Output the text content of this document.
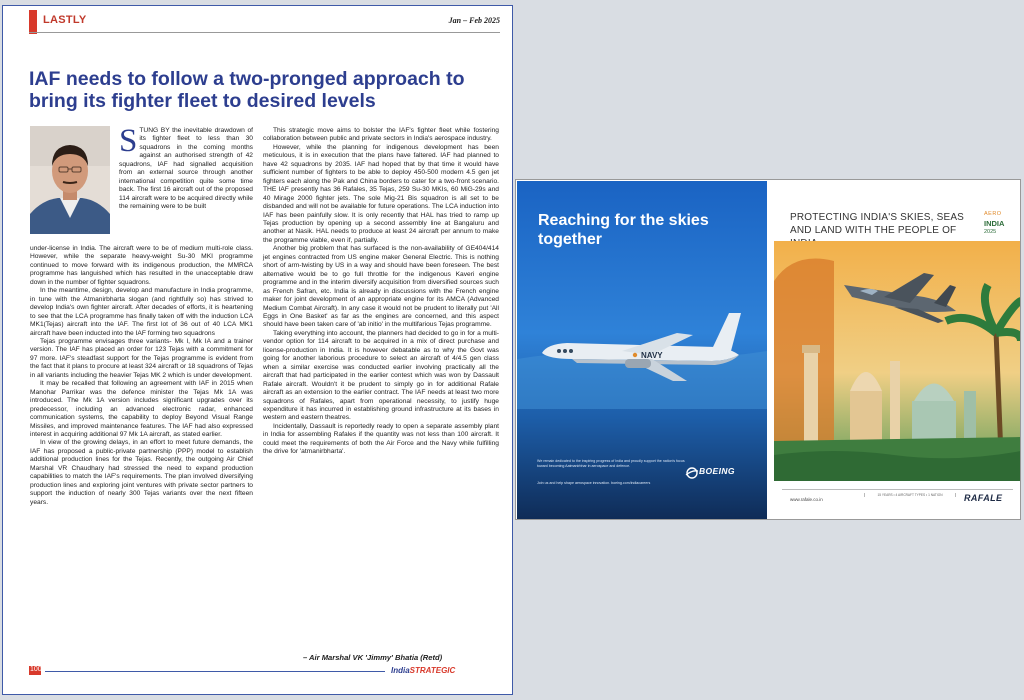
LASTLY	Jan – Feb 2025
IAF needs to follow a two-pronged approach to bring its fighter fleet to desired levels

STUNG BY the inevitable drawdown of its fighter fleet to less than 30 squadrons in the coming months against an authorised strength of 42 squadrons, IAF had signalled acquisition from an external source through another international competition quite some time back. The first 16 aircraft out of the proposed 114 aircraft were to be acquired directly while the remaining were to be built

under-license in India. The aircraft were to be of medium multi-role class. However, while the separate heavy-weight Su-30 MKI programme continued to move forward with its indigenous production, the MMRCA programme has languished which has resulted in the unacceptable draw down in the number of fighter squadrons.

In the meantime, design, develop and manufacture in India programme, in tune with the Atmanirbharta slogan (and rightfully so) has strived to develop India's own fighter aircraft. After decades of efforts, it is heartening to see that the LCA programme has finally taken off with the induction LCA MK1(Tejas) aircraft into the IAF. The first lot of 36 out of 40 LCA MK1 aircraft have been inducted into the IAF forming two squadrons

Tejas programme envisages three variants- Mk I, Mk IA and a trainer version. The IAF has placed an order for 123 Tejas with a commitment for 97 more. IAF's steadfast support for the Tejas programme is evident from the fact that it plans to procure at least 324 aircraft or 18 squadrons of Tejas in all variants including the heavier Tejas MK 2 which is under development.

It may be recalled that following an agreement with IAF in 2015 when Manohar Parrikar was the defence minister the Tejas Mk 1A was introduced. The Mk 1A version includes significant upgrades over its predecessor, including an advanced electronic radar, enhanced communication systems, the capability to deploy Beyond Visual Range Missiles, and improved maintenance features. The IAF had also expressed interest in acquiring additional 97 Mk 1A aircraft, as stated earlier.

In view of the growing delays, in an effort to meet future demands, the IAF has proposed a public-private partnership (PPP) model to establish additional production lines for the Tejas. Recently, the outgoing Air Chief Marshal VR Chaudhary had stressed the need to expand production capabilities to match the IAF's requirements. The plan involved diversifying production lines and exploring joint ventures with private sector partners to support the induction of nearly 300 Tejas variants over the next fifteen years.

This strategic move aims to bolster the IAF's fighter fleet while fostering collaboration between public and private sectors in India's aerospace industry.

However, while the planning for indigenous development has been meticulous, it is in execution that the plans have faltered. IAF had planned to have 42 squadrons by 2035. IAF had hoped that by that time it would have sufficient number of fighters to be able to deploy 450-500 modern 4.5 gen jet fighters each along the Pak and China borders to cater for a two-front scenario. THE IAF presently has 36 Rafales, 35 Tejas, 259 Su-30 MKIs, 60 MiG-29s and 40 Mirage 2000 fighter jets. The sole Mig-21 Bis squadron is all set to be disbanded and will not be available for future operations. The LCA induction into IAF has been painfully slow. It is only recently that HAL has tried to ramp up Tejas production by opening up a second assembly line at Bangaluru and another at Nasik. HAL needs to produce at least 24 aircraft per annum to make the programme viable, even if, partially.

Another big problem that has surfaced is the non-availability of GE404/414 jet engines contracted from US engine maker General Electric. This is nothing short of arm-twisting by US in a way and should have been foreseen. The best alternative would be to go full throttle for the indigenous Kaveri engine programme and in the interim diversify acquisition from diversified sources such as French Safran, etc. India is already in discussions with the French engine maker for joint development of an appropriate engine for its AMCA (Advanced Medium Combat Aircraft). In any case it would not be prudent to literally put 'All Eggs in One Basket' as far as the engines are concerned, and this aspect should have been taken care of 'ab initio' in the multifarious Tejas programme.

Taking everything into account, the planners had decided to go in for a multi-vendor option for 114 aircraft to be acquired in a mix of direct purchase and license-production in India. It is however debatable as to why the Govt was going for another laborious procedure to select an aircraft of 4/4.5 gen class when a similar exercise was conducted earlier involving practically all the aircraft that had participated in the earlier contest which was won by Dassault Rafale aircraft. Wouldn't it be prudent to simply go in for additional Rafale aircraft as an extension to the earlier contract. The IAF needs at least two more squadrons of Rafales, apart from operational necessity, to justify huge expenditure it has incurred in establishing ground infrastructure at its bases in western and eastern theatres.

Incidentally, Dassault is reportedly ready to open a separate assembly plant in India for assembling Rafales if the quantity was not less than 100 aircraft. It could meet the requirements of both the Air Force and the Navy while fulfilling the drive for 'atmanirbharta'.

– Air Marshal VK 'Jimmy' Bhatia (Retd)
100	IndiaSTRATEGIC
Reaching for the skies together
NAVY
We remain dedicated to the inspiring progress of India and proudly support the nation's focus toward becoming Aatmanirbhar in aerospace and defence.
Join us and help shape aerospace innovation. boeing.com/indiacareers
BOEING
PROTECTING INDIA'S SKIES, SEAS AND LAND WITH THE PEOPLE OF
AERO
INDIA
2025
www.rafale.co.in
15 YEARS • 4 AIRCRAFT TYPES • 1 NATION	RAFALE
